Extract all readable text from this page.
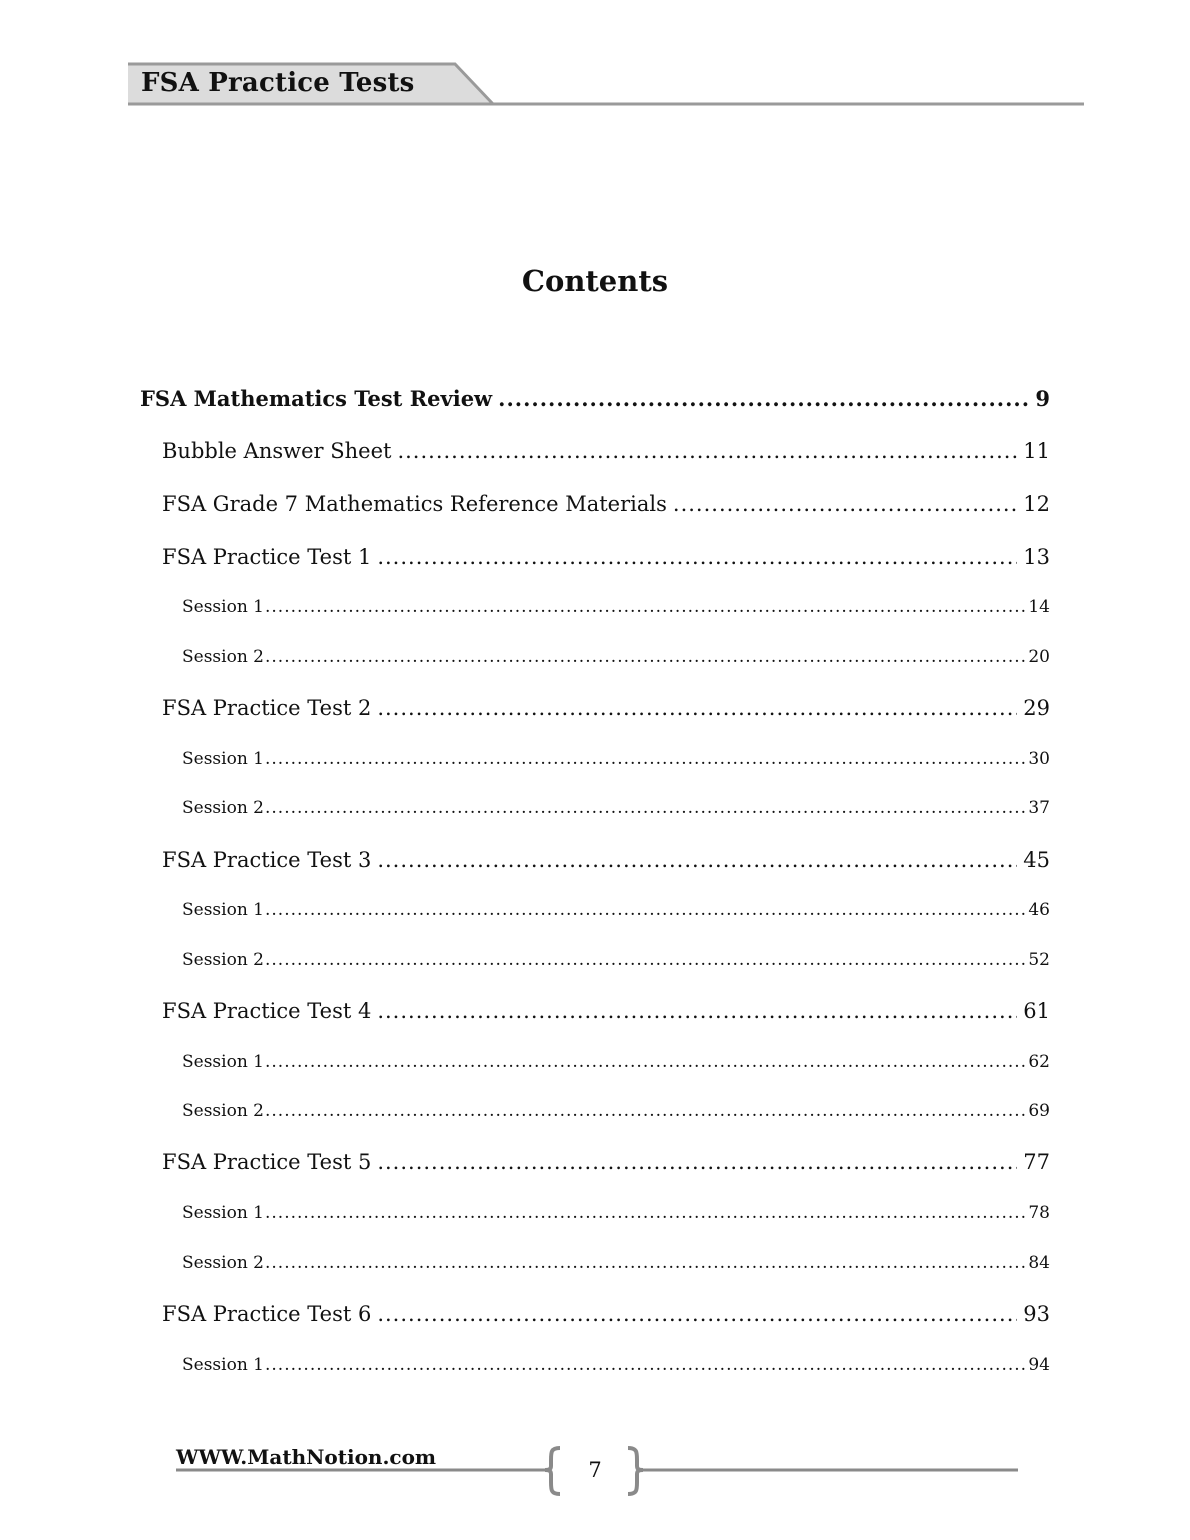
FSA Practice Tests
Contents
FSA Mathematics Test Review .....	9
Bubble Answer Sheet .....	11
FSA Grade 7 Mathematics Reference Materials .....	12
FSA Practice Test 1 .....	13
Session 1 .....	14
Session 2 .....	20
FSA Practice Test 2 .....	29
Session 1 .....	30
Session 2 .....	37
FSA Practice Test 3 .....	45
Session 1 .....	46
Session 2 .....	52
FSA Practice Test 4 .....	61
Session 1 .....	62
Session 2 .....	69
FSA Practice Test 5 .....	77
Session 1 .....	78
Session 2 .....	84
FSA Practice Test 6 .....	93
Session 1 .....	94
WWW.MathNotion.com
7
